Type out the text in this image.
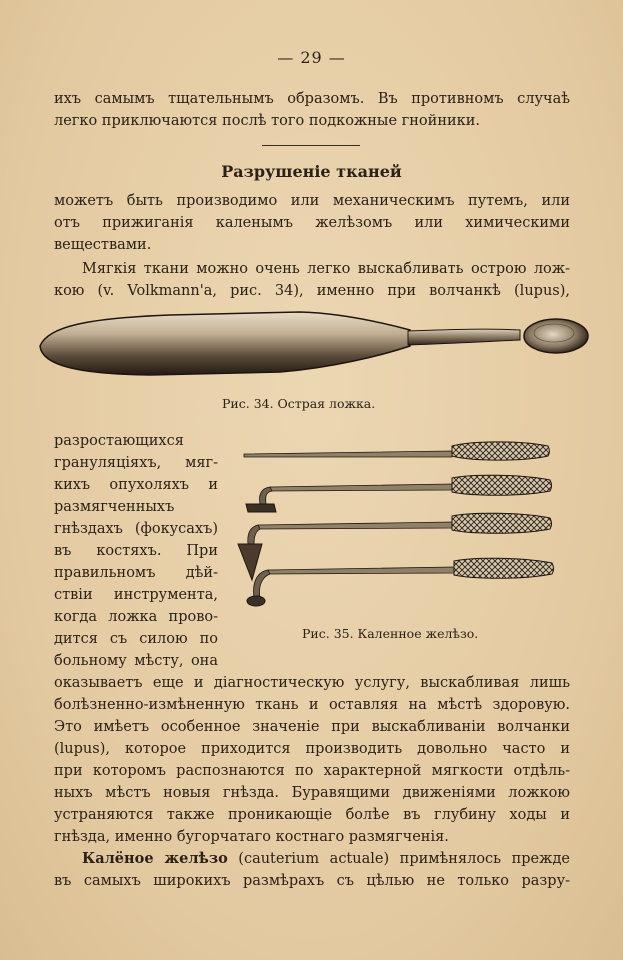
— 29 —
ихъ самымъ тщательнымъ образомъ. Въ противномъ случаѣ
легко приключаются послѣ того подкожные гнойники.
Разрушеніе тканей
можетъ быть производимо или механическимъ путемъ, или
отъ прижиганія каленымъ желѣзомъ или химическими
веществами.
Мягкія ткани можно очень легко выскабливать острою лож-
кою (v. Volkmann'а, рис. 34), именно при волчанкѣ (lupus),
Рис. 34. Острая ложка.
разростающихся
грануляціяхъ, мяг-
кихъ опухоляхъ и
размягченныхъ
гнѣздахъ (фокусахъ)
въ костяхъ. При
правильномъ дѣй-
ствіи инструмента,
когда ложка прово-
дится съ силою по
больному мѣсту, она
Рис. 35. Каленное желѣзо.
оказываетъ еще и діагностическую услугу, выскабливая лишь
болѣзненно-измѣненную ткань и оставляя на мѣстѣ здоровую.
Это имѣетъ особенное значеніе при выскабливаніи волчанки
(lupus), которое приходится производить довольно часто и
при которомъ распознаются по характерной мягкости отдѣль-
ныхъ мѣстъ новыя гнѣзда. Буравящими движеніями ложкою
устраняются также проникающіе болѣе въ глубину ходы и
гнѣзда, именно бугорчатаго костнаго размягченія.
Калёное желѣзо (cauterium actuale) примѣнялось прежде
въ самыхъ широкихъ размѣрахъ съ цѣлью не только разру-
